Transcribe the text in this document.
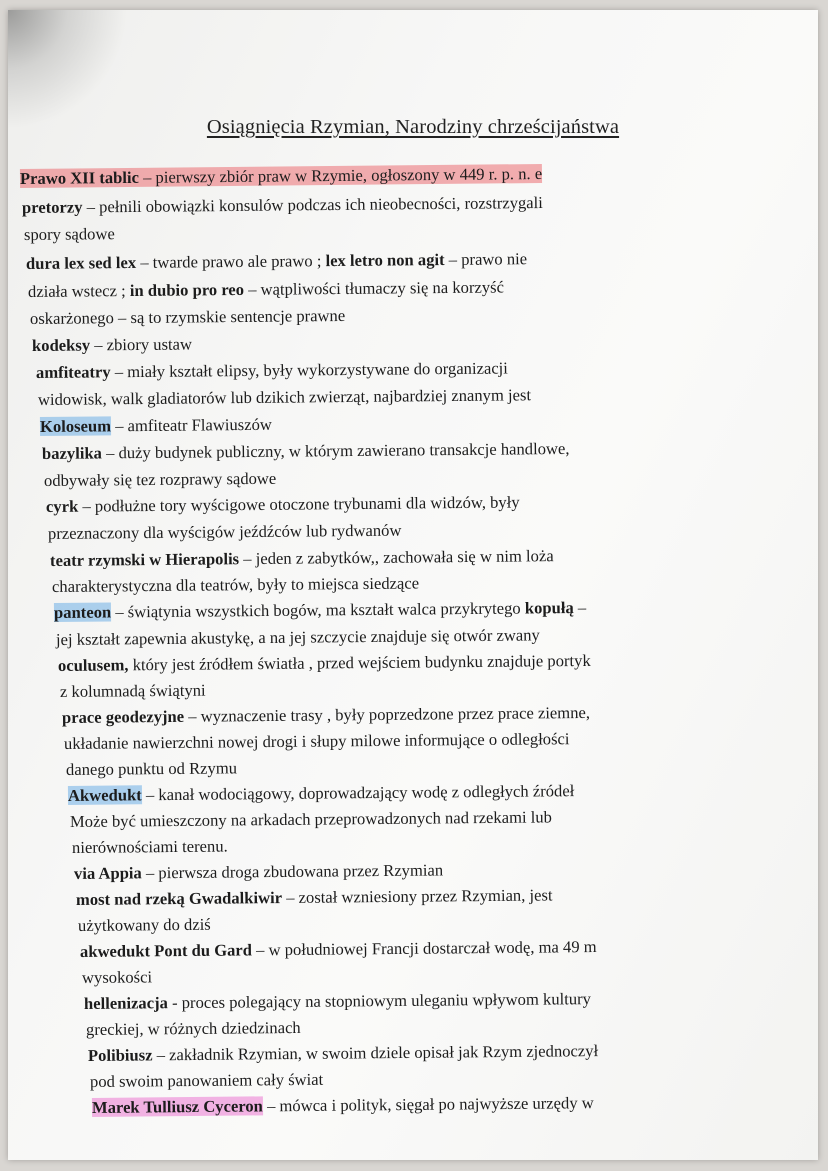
Osiągnięcia Rzymian, Narodziny chrześcijaństwa
Prawo XII tablic – pierwszy zbiór praw w Rzymie, ogłoszony w 449 r. p. n. e
pretorzy – pełnili obowiązki konsulów podczas ich nieobecności, rozstrzygali
spory sądowe
dura lex sed lex – twarde prawo ale prawo ; lex letro non agit – prawo nie
działa wstecz ; in dubio pro reo – wątpliwości tłumaczy się na korzyść
oskarżonego – są to rzymskie sentencje prawne
kodeksy – zbiory ustaw
amfiteatry – miały kształt elipsy, były wykorzystywane do organizacji
widowisk, walk gladiatorów lub dzikich zwierząt, najbardziej znanym jest
Koloseum – amfiteatr Flawiuszów
bazylika – duży budynek publiczny, w którym zawierano transakcje handlowe,
odbywały się tez rozprawy sądowe
cyrk – podłużne tory wyścigowe otoczone trybunami dla widzów, były
przeznaczony dla wyścigów jeźdźców lub rydwanów
teatr rzymski w Hierapolis – jeden z zabytków,, zachowała się w nim loża
charakterystyczna dla teatrów, były to miejsca siedzące
panteon – świątynia wszystkich bogów, ma kształt walca przykrytego kopułą –
jej kształt zapewnia akustykę, a na jej szczycie znajduje się otwór zwany
oculusem, który jest źródłem światła , przed wejściem budynku znajduje portyk
z kolumnadą świątyni
prace geodezyjne – wyznaczenie trasy , były poprzedzone przez prace ziemne,
układanie nawierzchni nowej drogi i słupy milowe informujące o odległości
danego punktu od Rzymu
Akwedukt – kanał wodociągowy, doprowadzający wodę z odległych źródeł
Może być umieszczony na arkadach przeprowadzonych nad rzekami lub
nierównościami terenu.
via Appia – pierwsza droga zbudowana przez Rzymian
most nad rzeką Gwadalkiwir – został wzniesiony przez Rzymian, jest
użytkowany do dziś
akwedukt Pont du Gard – w południowej Francji dostarczał wodę, ma 49 m
wysokości
hellenizacja - proces polegający na stopniowym uleganiu wpływom kultury
greckiej, w różnych dziedzinach
Polibiusz – zakładnik Rzymian, w swoim dziele opisał jak Rzym zjednoczył
pod swoim panowaniem cały świat
Marek Tulliusz Cyceron – mówca i polityk, sięgał po najwyższe urzędy w
